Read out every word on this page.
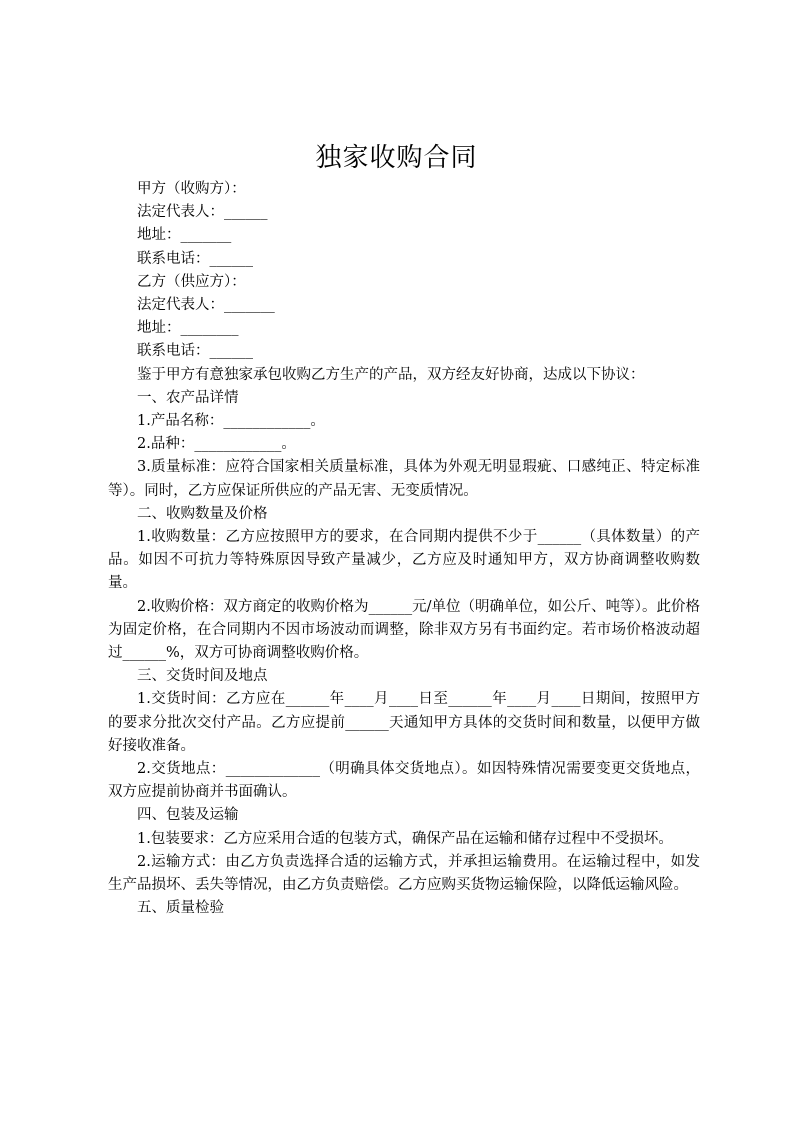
独家收购合同

甲方（收购方）：

法定代表人：______

地址：_______

联系电话：______

乙方（供应方）：

法定代表人：_______

地址：________

联系电话：______

鉴于甲方有意独家承包收购乙方生产的产品，双方经友好协商，达成以下协议：

一、农产品详情

1.产品名称：____________。

2.品种：____________。

3.质量标准：应符合国家相关质量标准，具体为外观无明显瑕疵、口感纯正、特定标准等）。同时，乙方应保证所供应的产品无害、无变质情况。

二、收购数量及价格

1.收购数量：乙方应按照甲方的要求，在合同期内提供不少于______（具体数量）的产品。如因不可抗力等特殊原因导致产量减少，乙方应及时通知甲方，双方协商调整收购数量。

2.收购价格：双方商定的收购价格为______元/单位（明确单位，如公斤、吨等）。此价格为固定价格，在合同期内不因市场波动而调整，除非双方另有书面约定。若市场价格波动超过______%，双方可协商调整收购价格。

三、交货时间及地点

1.交货时间：乙方应在______年____月____日至______年____月____日期间，按照甲方的要求分批次交付产品。乙方应提前______天通知甲方具体的交货时间和数量，以便甲方做好接收准备。

2.交货地点：_____________（明确具体交货地点）。如因特殊情况需要变更交货地点，双方应提前协商并书面确认。

四、包装及运输

1.包装要求：乙方应采用合适的包装方式，确保产品在运输和储存过程中不受损坏。

2.运输方式：由乙方负责选择合适的运输方式，并承担运输费用。在运输过程中，如发生产品损坏、丢失等情况，由乙方负责赔偿。乙方应购买货物运输保险，以降低运输风险。

五、质量检验
